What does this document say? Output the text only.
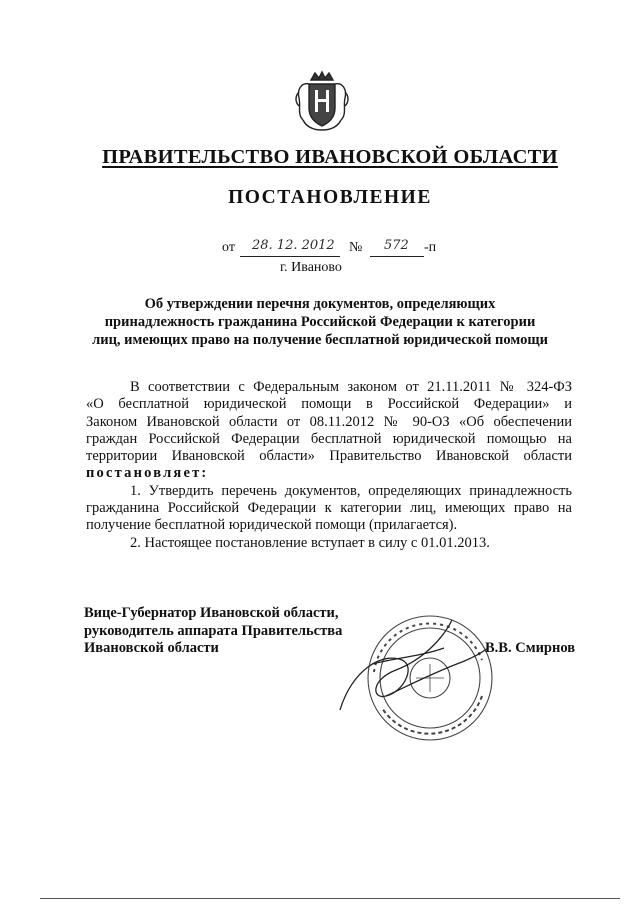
ПРАВИТЕЛЬСТВО ИВАНОВСКОЙ ОБЛАСТИ
ПОСТАНОВЛЕНИЕ
от 28. 12. 2012 № 572 -п
г. Иваново
Об утверждении перечня документов, определяющих
принадлежность гражданина Российской Федерации к категории
лиц, имеющих право на получение бесплатной юридической помощи

В соответствии с Федеральным законом от 21.11.2011 № 324-ФЗ

«О бесплатной юридической помощи в Российской Федерации» и

Законом Ивановской области от 08.11.2012 № 90-ОЗ «Об обеспечении

граждан Российской Федерации бесплатной юридической помощью на

территории Ивановской области» Правительство Ивановской области

постановляет:

1. Утвердить перечень документов, определяющих принадлежность

гражданина Российской Федерации к категории лиц, имеющих право на

получение бесплатной юридической помощи (прилагается).

2. Настоящее постановление вступает в силу с 01.01.2013.

Вице-Губернатор Ивановской области,
руководитель аппарата Правительства
Ивановской области	В.В. Смирнов
